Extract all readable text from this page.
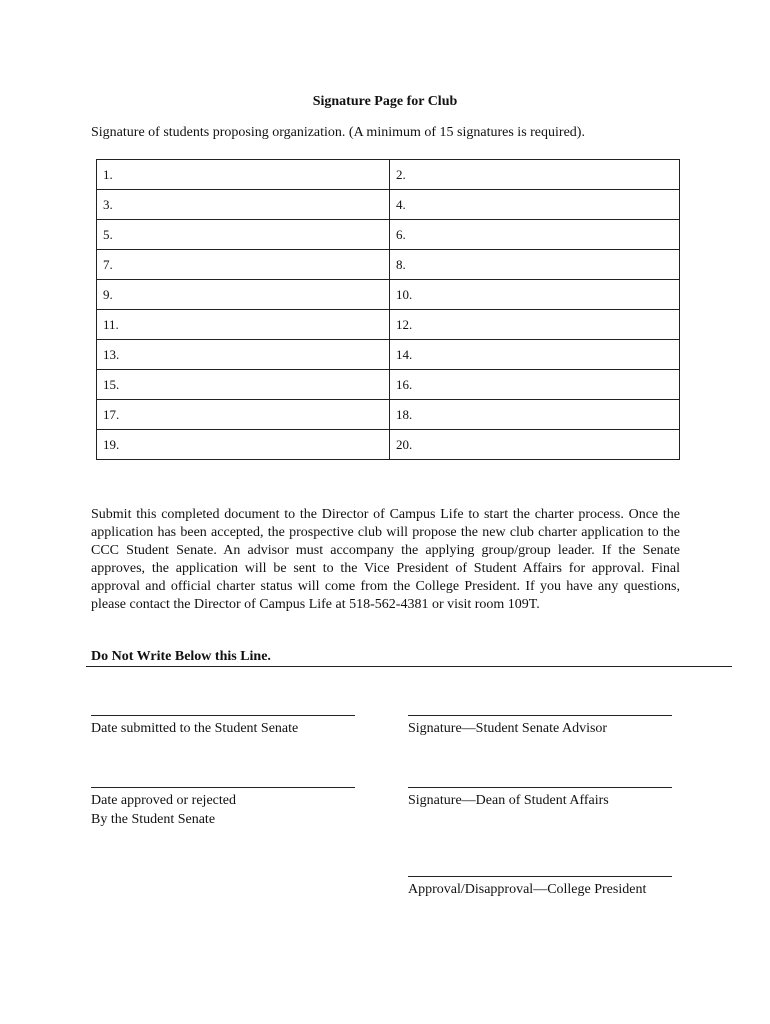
Signature Page for Club
Signature of students proposing organization. (A minimum of 15 signatures is required).
1.	2.
3.	4.
5.	6.
7.	8.
9.	10.
11.	12.
13.	14.
15.	16.
17.	18.
19.	20.

Submit this completed document to the Director of Campus Life to start the charter process. Once the application has been accepted, the prospective club will propose the new club charter application to the CCC Student Senate. An advisor must accompany the applying group/group leader. If the Senate approves, the application will be sent to the Vice President of Student Affairs for approval. Final approval and official charter status will come from the College President. If you have any questions, please contact the Director of Campus Life at 518-562-4381 or visit room 109T.

Do Not Write Below this Line.
Date submitted to the Student Senate	Signature—Student Senate Advisor
Date approved or rejected
By the Student Senate
Signature—Dean of Student Affairs
Approval/Disapproval—College President
